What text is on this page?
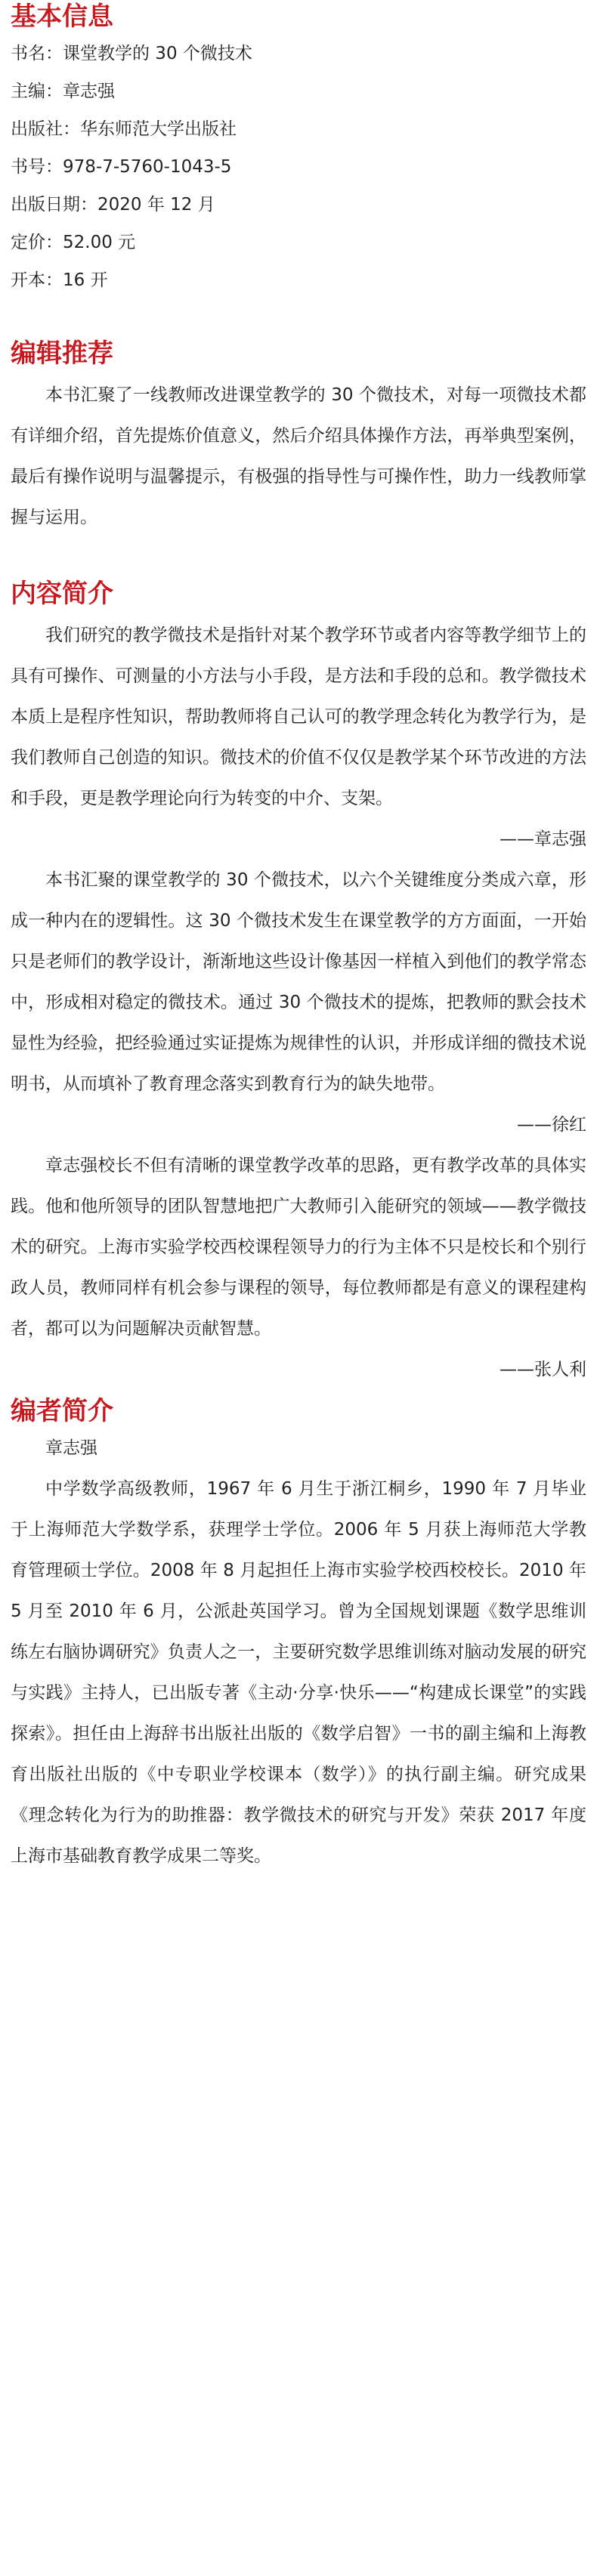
基本信息

书名：课堂教学的 30 个微技术

主编：章志强

出版社：华东师范大学出版社

书号：978-7-5760-1043-5

出版日期：2020 年 12 月

定价：52.00 元

开本：16 开

编辑推荐

本书汇聚了一线教师改进课堂教学的 30 个微技术，对每一项微技术都有详细介绍，首先提炼价值意义，然后介绍具体操作方法，再举典型案例，最后有操作说明与温馨提示，有极强的指导性与可操作性，助力一线教师掌握与运用。

内容简介

我们研究的教学微技术是指针对某个教学环节或者内容等教学细节上的具有可操作、可测量的小方法与小手段，是方法和手段的总和。教学微技术本质上是程序性知识，帮助教师将自己认可的教学理念转化为教学行为，是我们教师自己创造的知识。微技术的价值不仅仅是教学某个环节改进的方法和手段，更是教学理论向行为转变的中介、支架。

——章志强

本书汇聚的课堂教学的 30 个微技术，以六个关键维度分类成六章，形成一种内在的逻辑性。这 30 个微技术发生在课堂教学的方方面面，一开始只是老师们的教学设计，渐渐地这些设计像基因一样植入到他们的教学常态中，形成相对稳定的微技术。通过 30 个微技术的提炼，把教师的默会技术显性为经验，把经验通过实证提炼为规律性的认识，并形成详细的微技术说明书，从而填补了教育理念落实到教育行为的缺失地带。

——徐红

章志强校长不但有清晰的课堂教学改革的思路，更有教学改革的具体实践。他和他所领导的团队智慧地把广大教师引入能研究的领域——教学微技术的研究。上海市实验学校西校课程领导力的行为主体不只是校长和个别行政人员，教师同样有机会参与课程的领导，每位教师都是有意义的课程建构者，都可以为问题解决贡献智慧。

——张人利

编者简介

章志强

中学数学高级教师，1967 年 6 月生于浙江桐乡，1990 年 7 月毕业于上海师范大学数学系，获理学士学位。2006 年 5 月获上海师范大学教育管理硕士学位。2008 年 8 月起担任上海市实验学校西校校长。2010 年 5 月至 2010 年 6 月，公派赴英国学习。曾为全国规划课题《数学思维训练左右脑协调研究》负责人之一，主要研究数学思维训练对脑动发展的研究与实践》主持人，已出版专著《主动·分享·快乐——“构建成长课堂”的实践探索》。担任由上海辞书出版社出版的《数学启智》一书的副主编和上海教育出版社出版的《中专职业学校课本（数学）》的执行副主编。研究成果《理念转化为行为的助推器：教学微技术的研究与开发》荣获 2017 年度上海市基础教育教学成果二等奖。
